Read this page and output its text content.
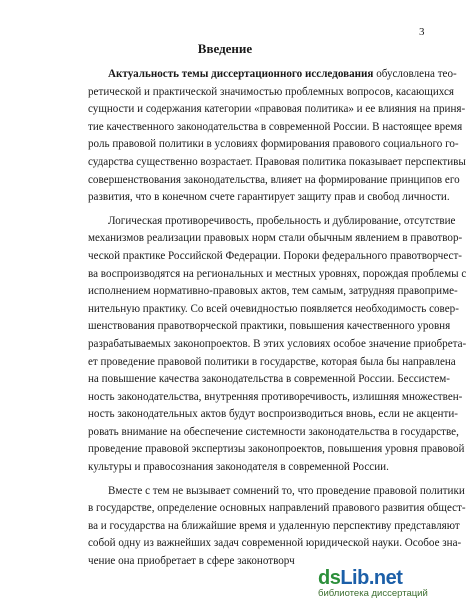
3
Введение
Актуальность темы диссертационного исследования обусловлена тео-
ретической и практической значимостью проблемных вопросов, касающихся
сущности и содержания категории «правовая политика» и ее влияния на приня-
тие качественного законодательства в современной России. В настоящее время
роль правовой политики в условиях формирования правового социального го-
сударства существенно возрастает. Правовая политика показывает перспективы
совершенствования законодательства, влияет на формирование принципов его
развития, что в конечном счете гарантирует защиту прав и свобод личности.
Логическая противоречивость, пробельность и дублирование, отсутствие
механизмов реализации правовых норм стали обычным явлением в правотвор-
ческой практике Российской Федерации. Пороки федерального правотворчест-
ва воспроизводятся на региональных и местных уровнях, порождая проблемы с
исполнением нормативно-правовых актов, тем самым, затрудняя правоприме-
нительную практику. Со всей очевидностью появляется необходимость совер-
шенствования правотворческой практики, повышения качественного уровня
разрабатываемых законопроектов. В этих условиях особое значение приобрета-
ет проведение правовой политики в государстве, которая была бы направлена
на повышение качества законодательства в современной России. Бессистем-
ность законодательства, внутренняя противоречивость, излишняя множествен-
ность законодательных актов будут воспроизводиться вновь, если не акценти-
ровать внимание на обеспечение системности законодательства в государстве,
проведение правовой экспертизы законопроектов, повышения уровня правовой
культуры и правосознания законодателя в современной России.
Вместе с тем не вызывает сомнений то, что проведение правовой политики
в государстве, определение основных направлений правового развития общест-
ва и государства на ближайшие время и удаленную перспективу представляют
собой одну из важнейших задач современной юридической науки. Особое зна-
чение она приобретает в сфере законотворч
dsLib.net
библиотека диссертаций
